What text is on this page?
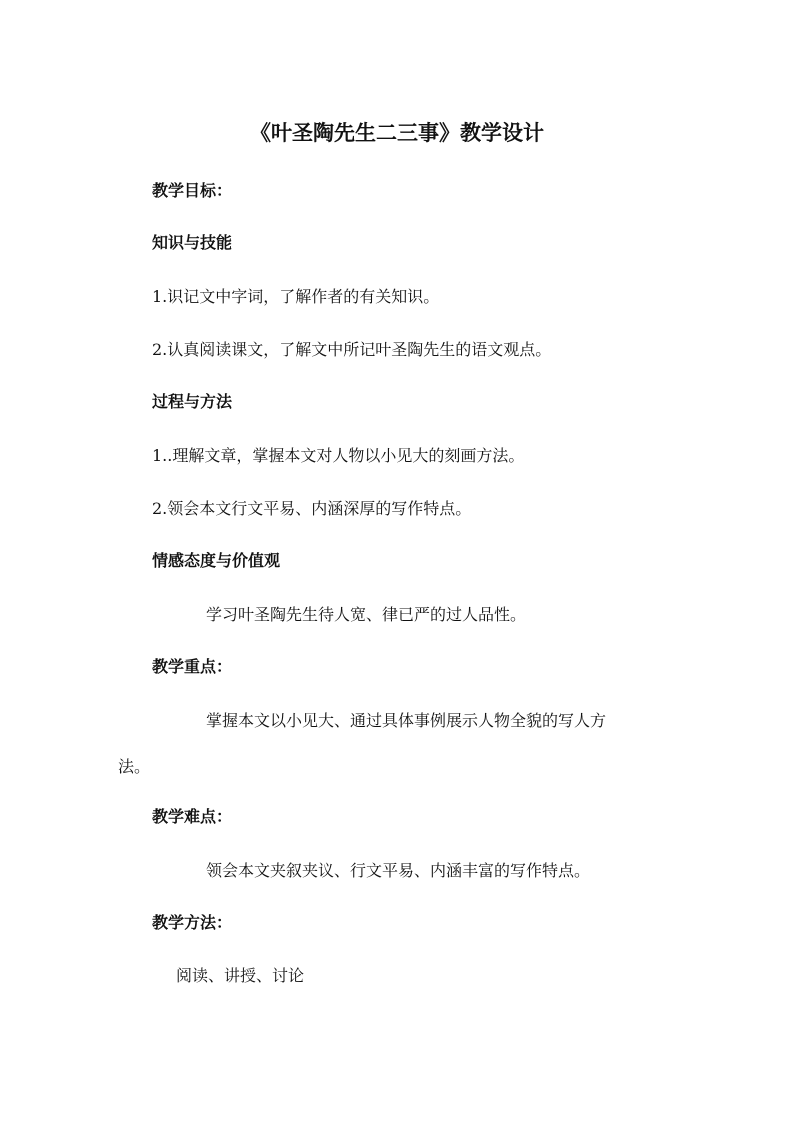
《叶圣陶先生二三事》教学设计
教学目标：
知识与技能
1.识记文中字词，了解作者的有关知识。
2.认真阅读课文，了解文中所记叶圣陶先生的语文观点。
过程与方法
1..理解文章，掌握本文对人物以小见大的刻画方法。
2.领会本文行文平易、内涵深厚的写作特点。
情感态度与价值观
学习叶圣陶先生待人宽、律已严的过人品性。
教学重点：
掌握本文以小见大、通过具体事例展示人物全貌的写人方
法。
教学难点：
领会本文夹叙夹议、行文平易、内涵丰富的写作特点。
教学方法：
阅读、讲授、讨论
